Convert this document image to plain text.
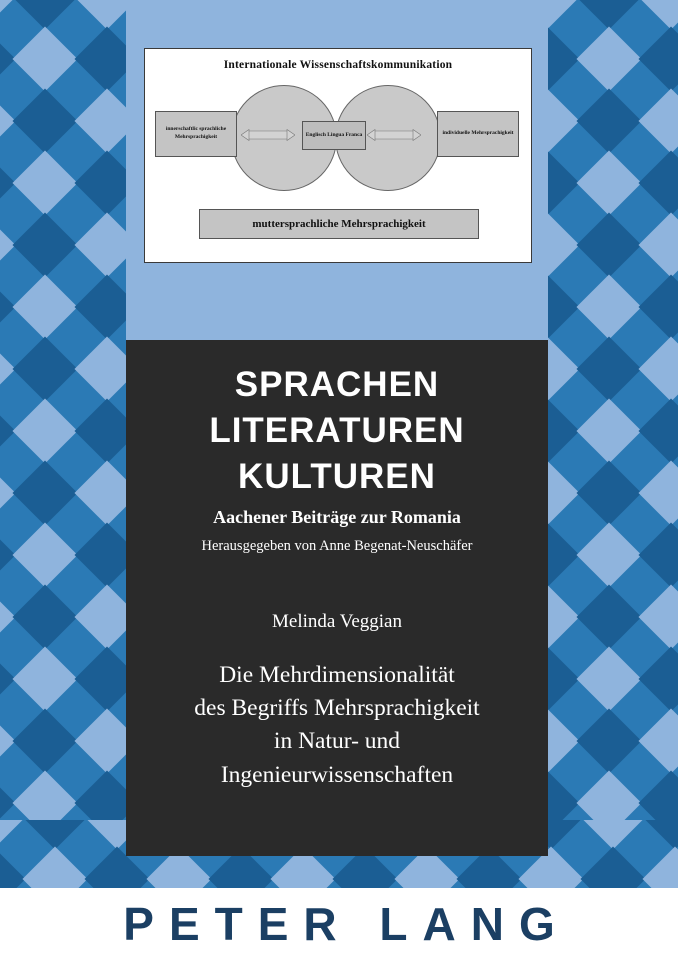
Internationale Wissenschaftskommunikation
innerschaftlic sprachliche Mehrsprachigkeit
individuelle Mehrsprachigkeit
Englisch Lingua Franca
muttersprachliche Mehrsprachigkeit
SPRACHEN
LITERATUREN
KULTUREN
Aachener Beiträge zur Romania
Herausgegeben von Anne Begenat-Neuschäfer
Melinda Veggian
Die Mehrdimensionalität
des Begriffs Mehrsprachigkeit
in Natur- und
Ingenieurwissenschaften
PETER LANG
